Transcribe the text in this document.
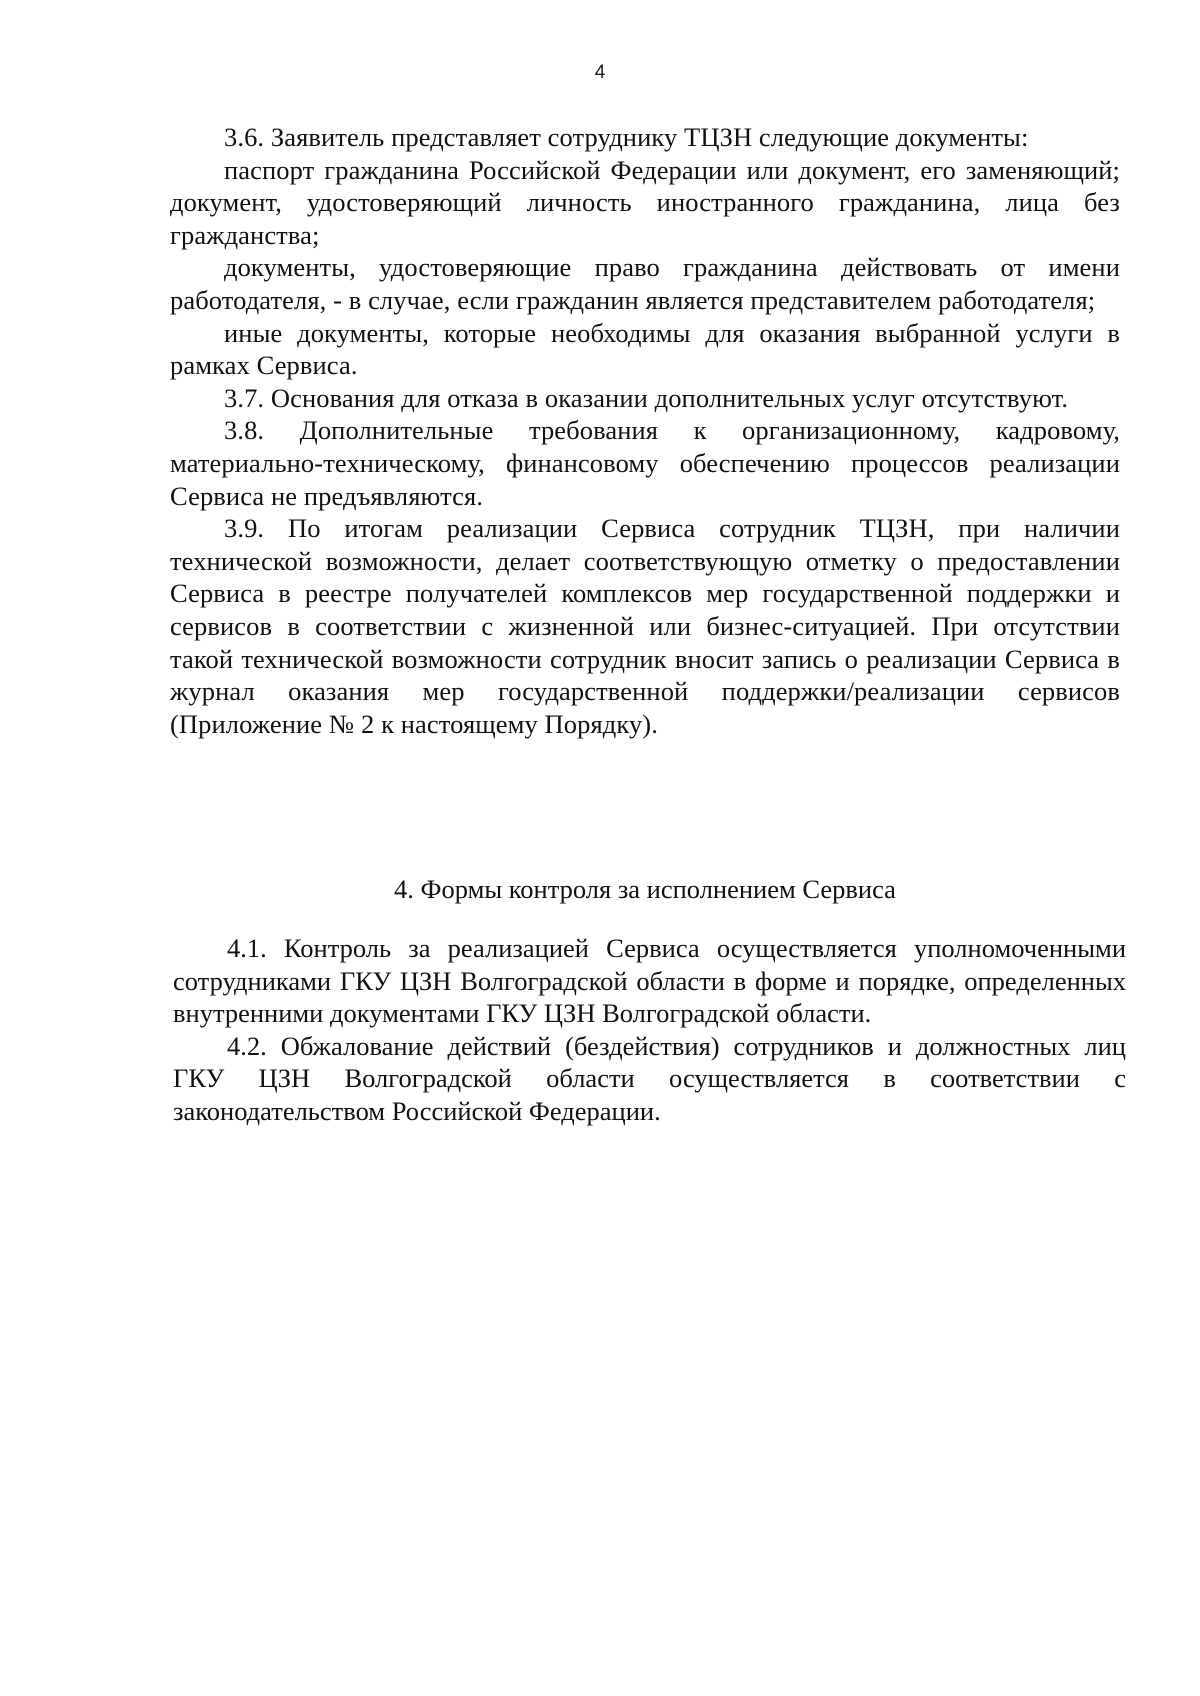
4

3.6. Заявитель представляет сотруднику ТЦЗН следующие документы:

паспорт гражданина Российской Федерации или документ, его заменяющий; документ, удостоверяющий личность иностранного гражданина, лица без гражданства;

документы, удостоверяющие право гражданина действовать от имени работодателя, - в случае, если гражданин является представителем работодателя;

иные документы, которые необходимы для оказания выбранной услуги в рамках Сервиса.

3.7. Основания для отказа в оказании дополнительных услуг отсутствуют.

3.8. Дополнительные требования к организационному, кадровому, материально-техническому, финансовому обеспечению процессов реализации Сервиса не предъявляются.

3.9. По итогам реализации Сервиса сотрудник ТЦЗН, при наличии технической возможности, делает соответствующую отметку о предоставлении Сервиса в реестре получателей комплексов мер государственной поддержки и сервисов в соответствии с жизненной или бизнес-ситуацией. При отсутствии такой технической возможности сотрудник вносит запись о реализации Сервиса в журнал оказания мер государственной поддержки/реализации сервисов (Приложение № 2 к настоящему Порядку).

4. Формы контроля за исполнением Сервиса

4.1. Контроль за реализацией Сервиса осуществляется уполномоченными сотрудниками ГКУ ЦЗН Волгоградской области в форме и порядке, определенных внутренними документами ГКУ ЦЗН Волгоградской области.

4.2. Обжалование действий (бездействия) сотрудников и должностных лиц ГКУ ЦЗН Волгоградской области осуществляется в соответствии с законодательством Российской Федерации.
